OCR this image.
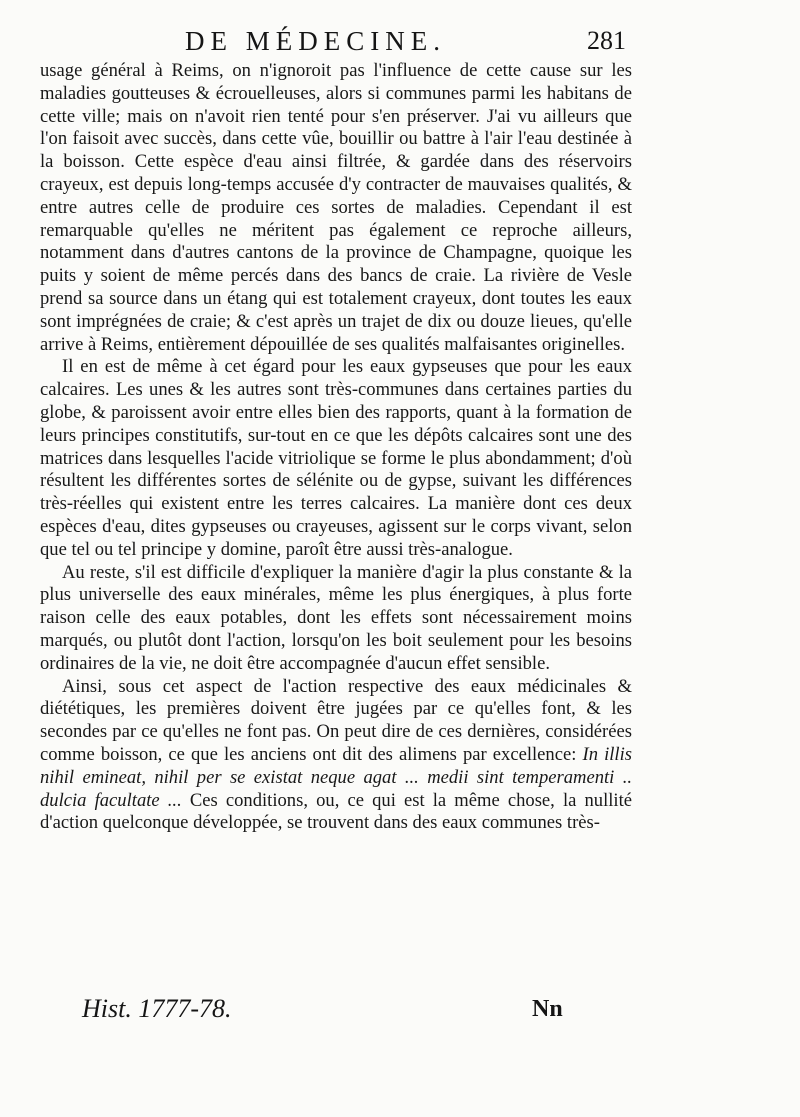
DE MÉDECINE.	281

usage général à Reims, on n'ignoroit pas l'influence de cette cause sur les maladies goutteuses & écrouelleuses, alors si communes parmi les habitans de cette ville; mais on n'avoit rien tenté pour s'en préserver. J'ai vu ailleurs que l'on faisoit avec succès, dans cette vûe, bouillir ou battre à l'air l'eau destinée à la boisson. Cette espèce d'eau ainsi filtrée, & gardée dans des réservoirs crayeux, est depuis long-temps accusée d'y contracter de mauvaises qualités, & entre autres celle de produire ces sortes de maladies. Cependant il est remarquable qu'elles ne méritent pas également ce reproche ailleurs, notamment dans d'autres cantons de la province de Champagne, quoique les puits y soient de même percés dans des bancs de craie. La rivière de Vesle prend sa source dans un étang qui est totalement crayeux, dont toutes les eaux sont imprégnées de craie; & c'est après un trajet de dix ou douze lieues, qu'elle arrive à Reims, entièrement dépouillée de ses qualités malfaisantes originelles.

Il en est de même à cet égard pour les eaux gypseuses que pour les eaux calcaires. Les unes & les autres sont très-communes dans certaines parties du globe, & paroissent avoir entre elles bien des rapports, quant à la formation de leurs principes constitutifs, sur-tout en ce que les dépôts calcaires sont une des matrices dans lesquelles l'acide vitriolique se forme le plus abondamment; d'où résultent les différentes sortes de sélénite ou de gypse, suivant les différences très-réelles qui existent entre les terres calcaires. La manière dont ces deux espèces d'eau, dites gypseuses ou crayeuses, agissent sur le corps vivant, selon que tel ou tel principe y domine, paroît être aussi très-analogue.

Au reste, s'il est difficile d'expliquer la manière d'agir la plus constante & la plus universelle des eaux minérales, même les plus énergiques, à plus forte raison celle des eaux potables, dont les effets sont nécessairement moins marqués, ou plutôt dont l'action, lorsqu'on les boit seulement pour les besoins ordinaires de la vie, ne doit être accompagnée d'aucun effet sensible.

Ainsi, sous cet aspect de l'action respective des eaux médicinales & diététiques, les premières doivent être jugées par ce qu'elles font, & les secondes par ce qu'elles ne font pas. On peut dire de ces dernières, considérées comme boisson, ce que les anciens ont dit des alimens par excellence: In illis nihil emineat, nihil per se existat neque agat ... medii sint temperamenti .. dulcia facultate ... Ces conditions, ou, ce qui est la même chose, la nullité d'action quelconque développée, se trouvent dans des eaux communes très-

Hist. 1777-78.	Nn
